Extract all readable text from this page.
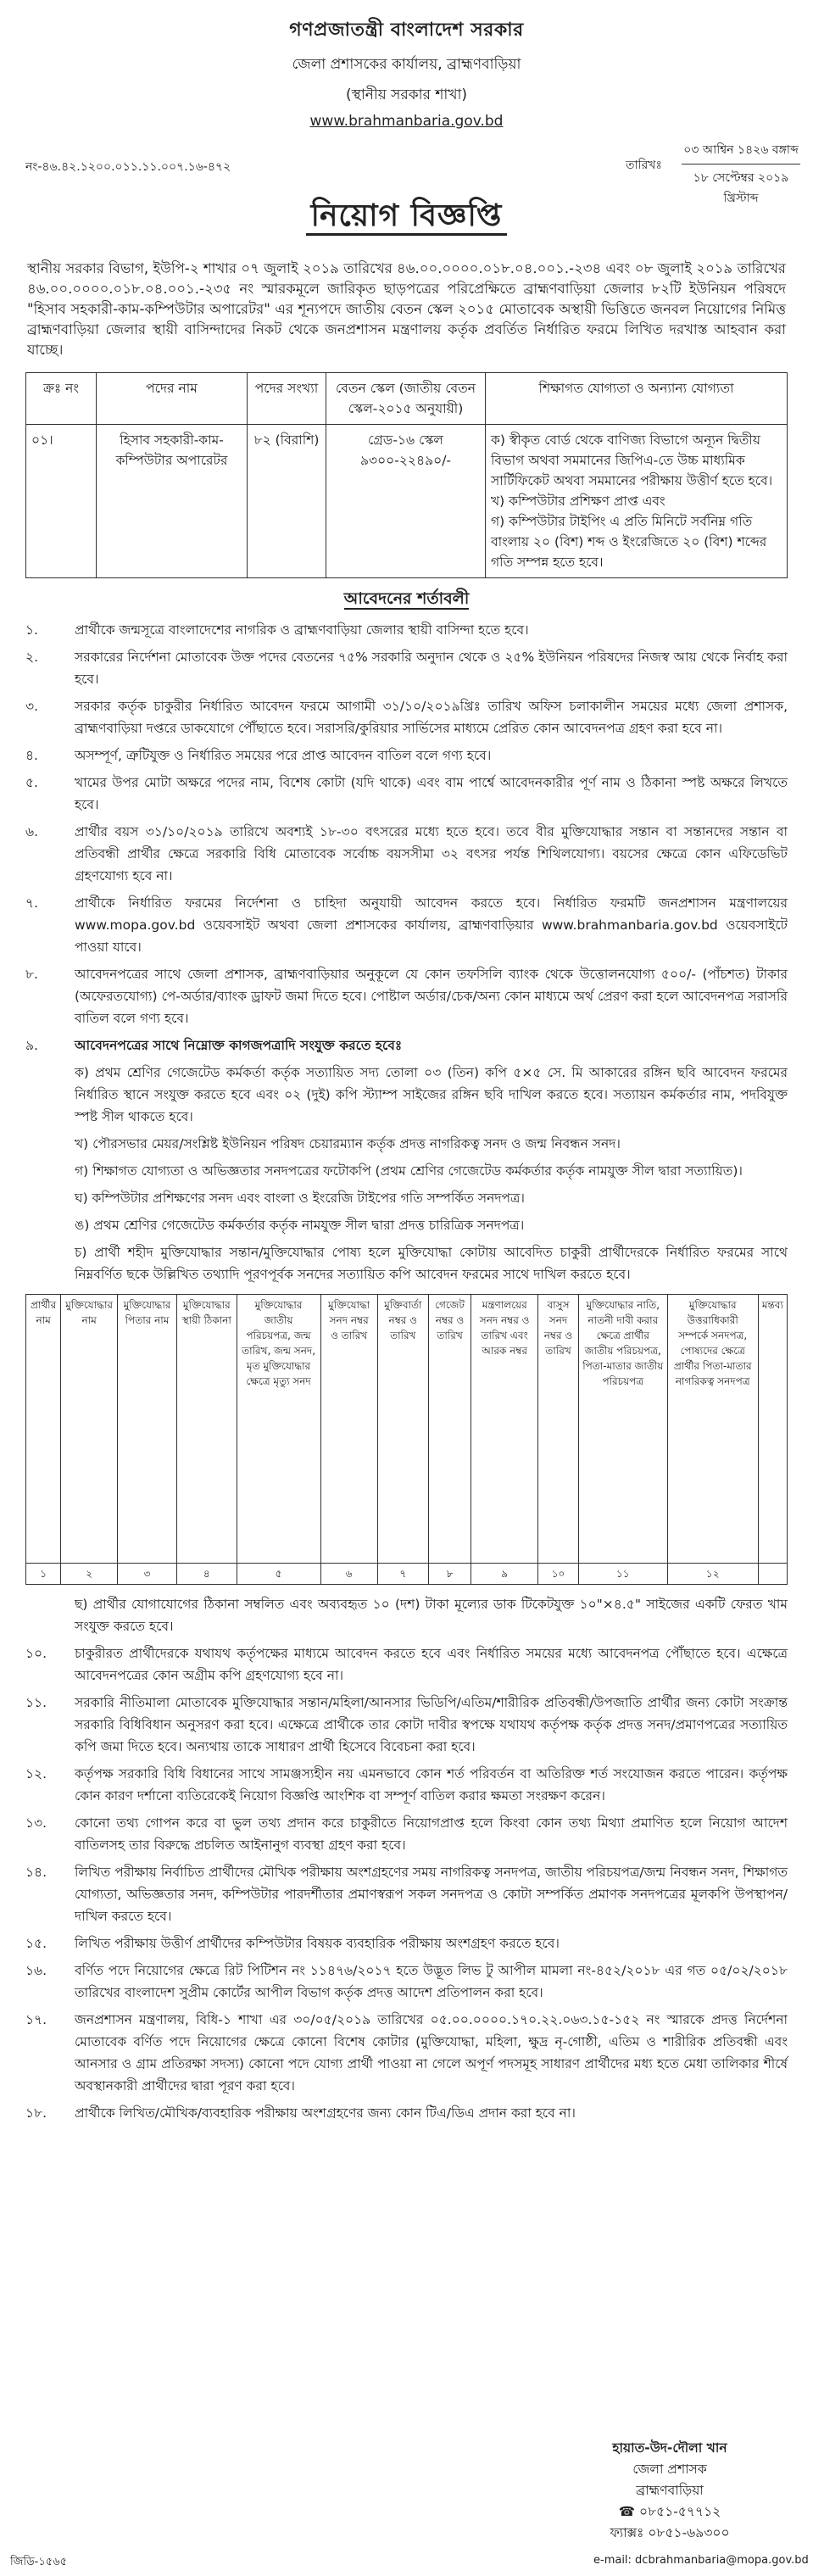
গণপ্রজাতন্ত্রী বাংলাদেশ সরকার
জেলা প্রশাসকের কার্যালয়, ব্রাহ্মণবাড়িয়া
(স্থানীয় সরকার শাখা)
www.brahmanbaria.gov.bd
নং-৪৬.৪২.১২০০.০১১.১১.০০৭.১৬-৪৭২	তারিখঃ
০৩ আশ্বিন ১৪২৬ বঙ্গাব্দ
১৮ সেপ্টেম্বর ২০১৯ খ্রিস্টাব্দ
নিয়োগ বিজ্ঞপ্তি
স্থানীয় সরকার বিভাগ, ইউপি-২ শাখার ০৭ জুলাই ২০১৯ তারিখের ৪৬.০০.০০০০.০১৮.০৪.০০১.-২৩৪ এবং ০৮ জুলাই ২০১৯ তারিখের ৪৬.০০.০০০০.০১৮.০৪.০০১.-২৩৫ নং স্মারকমূলে জারিকৃত ছাড়পত্রের পরিপ্রেক্ষিতে ব্রাহ্মণবাড়িয়া জেলার ৮২টি ইউনিয়ন পরিষদে "হিসাব সহকারী-কাম-কম্পিউটার অপারেটর" এর শূন্যপদে জাতীয় বেতন স্কেল ২০১৫ মোতাবেক অস্থায়ী ভিত্তিতে জনবল নিয়োগের নিমিত্ত ব্রাহ্মণবাড়িয়া জেলার স্থায়ী বাসিন্দাদের নিকট থেকে জনপ্রশাসন মন্ত্রণালয় কর্তৃক প্রবর্তিত নির্ধারিত ফরমে লিখিত দরখাস্ত আহবান করা যাচ্ছে।
ক্রঃ নং	পদের নাম	পদের সংখ্যা	বেতন স্কেল (জাতীয় বেতন স্কেল-২০১৫ অনুযায়ী)	শিক্ষাগত যোগ্যতা ও অন্যান্য যোগ্যতা
০১।	হিসাব সহকারী-কাম-কম্পিউটার অপারেটর	৮২ (বিরাশি)	গ্রেড-১৬ স্কেল ৯৩০০-২২৪৯০/-	ক) স্বীকৃত বোর্ড থেকে বাণিজ্য বিভাগে অন্যূন দ্বিতীয় বিভাগ অথবা সমমানের জিপিএ-তে উচ্চ মাধ্যমিক সার্টিফিকেট অথবা সমমানের পরীক্ষায় উত্তীর্ণ হতে হবে।
খ) কম্পিউটার প্রশিক্ষণ প্রাপ্ত এবং
গ) কম্পিউটার টাইপিং এ প্রতি মিনিটে সর্বনিম্ন গতি বাংলায় ২০ (বিশ) শব্দ ও ইংরেজিতে ২০ (বিশ) শব্দের গতি সম্পন্ন হতে হবে।
আবেদনের শর্তাবলী
১.	প্রার্থীকে জন্মসূত্রে বাংলাদেশের নাগরিক ও ব্রাহ্মণবাড়িয়া জেলার স্থায়ী বাসিন্দা হতে হবে।
২.	সরকারের নির্দেশনা মোতাবেক উক্ত পদের বেতনের ৭৫% সরকারি অনুদান থেকে ও ২৫% ইউনিয়ন পরিষদের নিজস্ব আয় থেকে নির্বাহ করা হবে।
৩.	সরকার কর্তৃক চাকুরীর নির্ধারিত আবেদন ফরমে আগামী ৩১/১০/২০১৯খ্রিঃ তারিখ অফিস চলাকালীন সময়ের মধ্যে জেলা প্রশাসক, ব্রাহ্মণবাড়িয়া দপ্তরে ডাকযোগে পৌঁছাতে হবে। সরাসরি/কুরিয়ার সার্ভিসের মাধ্যমে প্রেরিত কোন আবেদনপত্র গ্রহণ করা হবে না।
৪.	অসম্পূর্ণ, ত্রুটিযুক্ত ও নির্ধারিত সময়ের পরে প্রাপ্ত আবেদন বাতিল বলে গণ্য হবে।
৫.	খামের উপর মোটা অক্ষরে পদের নাম, বিশেষ কোটা (যদি থাকে) এবং বাম পার্শ্বে আবেদনকারীর পূর্ণ নাম ও ঠিকানা স্পষ্ট অক্ষরে লিখতে হবে।
৬.	প্রার্থীর বয়স ৩১/১০/২০১৯ তারিখে অবশ্যই ১৮-৩০ বৎসরের মধ্যে হতে হবে। তবে বীর মুক্তিযোদ্ধার সন্তান বা সন্তানদের সন্তান বা প্রতিবন্ধী প্রার্থীর ক্ষেত্রে সরকারি বিধি মোতাবেক সর্বোচ্চ বয়সসীমা ৩২ বৎসর পর্যন্ত শিথিলযোগ্য। বয়সের ক্ষেত্রে কোন এফিডেভিট গ্রহণযোগ্য হবে না।
৭.	প্রার্থীকে নির্ধারিত ফরমের নির্দেশনা ও চাহিদা অনুযায়ী আবেদন করতে হবে। নির্ধারিত ফরমটি জনপ্রশাসন মন্ত্রণালয়ের www.mopa.gov.bd ওয়েবসাইট অথবা জেলা প্রশাসকের কার্যালয়, ব্রাহ্মণবাড়িয়ার www.brahmanbaria.gov.bd ওয়েবসাইটে পাওয়া যাবে।
৮.	আবেদনপত্রের সাথে জেলা প্রশাসক, ব্রাহ্মণবাড়িয়ার অনুকূলে যে কোন তফসিলি ব্যাংক থেকে উত্তোলনযোগ্য ৫০০/- (পাঁচশত) টাকার (অফেরতযোগ্য) পে-অর্ডার/ব্যাংক ড্রাফট জমা দিতে হবে। পোষ্টাল অর্ডার/চেক/অন্য কোন মাধ্যমে অর্থ প্রেরণ করা হলে আবেদনপত্র সরাসরি বাতিল বলে গণ্য হবে।
৯.	আবেদনপত্রের সাথে নিম্নোক্ত কাগজপত্রাদি সংযুক্ত করতে হবেঃ
ক) প্রথম শ্রেণির গেজেটেড কর্মকর্তা কর্তৃক সত্যায়িত সদ্য তোলা ০৩ (তিন) কপি ৫×৫ সে. মি আকারের রঙ্গিন ছবি আবেদন ফরমের নির্ধারিত স্থানে সংযুক্ত করতে হবে এবং ০২ (দুই) কপি স্ট্যাম্প সাইজের রঙ্গিন ছবি দাখিল করতে হবে। সত্যায়ন কর্মকর্তার নাম, পদবিযুক্ত স্পষ্ট সীল থাকতে হবে।
খ) পৌরসভার মেয়র/সংশ্লিষ্ট ইউনিয়ন পরিষদ চেয়ারম্যান কর্তৃক প্রদত্ত নাগরিকত্ব সনদ ও জন্ম নিবন্ধন সনদ।
গ) শিক্ষাগত যোগ্যতা ও অভিজ্ঞতার সনদপত্রের ফটোকপি (প্রথম শ্রেণির গেজেটেড কর্মকর্তার কর্তৃক নামযুক্ত সীল দ্বারা সত্যায়িত)।
ঘ) কম্পিউটার প্রশিক্ষণের সনদ এবং বাংলা ও ইংরেজি টাইপের গতি সম্পর্কিত সনদপত্র।
ঙ) প্রথম শ্রেণির গেজেটেড কর্মকর্তার কর্তৃক নামযুক্ত সীল দ্বারা প্রদত্ত চারিত্রিক সনদপত্র।
চ) প্রার্থী শহীদ মুক্তিযোদ্ধার সন্তান/মুক্তিযোদ্ধার পোষ্য হলে মুক্তিযোদ্ধা কোটায় আবেদিত চাকুরী প্রার্থীদেরকে নির্ধারিত ফরমের সাথে নিম্নবর্ণিত ছকে উল্লিখিত তথ্যাদি পূরণপূর্বক সনদের সত্যায়িত কপি আবেদন ফরমের সাথে দাখিল করতে হবে।
প্রার্থীর নাম	মুক্তিযোদ্ধার নাম	মুক্তিযোদ্ধার পিতার নাম	মুক্তিযোদ্ধার স্থায়ী ঠিকানা	মুক্তিযোদ্ধার জাতীয় পরিচয়পত্র, জন্ম তারিখ, জন্ম সনদ, মৃত মুক্তিযোদ্ধার ক্ষেত্রে মৃত্যু সনদ	মুক্তিযোদ্ধা সনদ নম্বর ও তারিখ	মুক্তিবার্তা নম্বর ও তারিখ	গেজেট নম্বর ও তারিখ	মন্ত্রণালয়ের সনদ নম্বর ও তারিখ এবং আরক নম্বর	বাসুস সনদ নম্বর ও তারিখ	মুক্তিযোদ্ধার নাতি, নাতনী দাবী করার ক্ষেত্রে প্রার্থীর জাতীয় পরিচয়পত্র, পিতা-মাতার জাতীয় পরিচয়পত্র	মুক্তিযোদ্ধার উত্তরাধিকারী সম্পর্কে সনদপত্র, পোষ্যদের ক্ষেত্রে প্রার্থীর পিতা-মাতার নাগরিকত্ব সনদপত্র	মন্তব্য
১	২	৩	৪	৫	৬	৭	৮	৯	১০	১১	১২	
ছ) প্রার্থীর যোগাযোগের ঠিকানা সম্বলিত এবং অব্যবহৃত ১০ (দশ) টাকা মূল্যের ডাক টিকেটযুক্ত ১০"×৪.৫" সাইজের একটি ফেরত খাম সংযুক্ত করতে হবে।
১০.	চাকুরীরত প্রার্থীদেরকে যথাযথ কর্তৃপক্ষের মাধ্যমে আবেদন করতে হবে এবং নির্ধারিত সময়ের মধ্যে আবেদনপত্র পৌঁছাতে হবে। এক্ষেত্রে আবেদনপত্রের কোন অগ্রীম কপি গ্রহণযোগ্য হবে না।
১১.	সরকারি নীতিমালা মোতাবেক মুক্তিযোদ্ধার সন্তান/মহিলা/আনসার ভিডিপি/এতিম/শারীরিক প্রতিবন্ধী/উপজাতি প্রার্থীর জন্য কোটা সংক্রান্ত সরকারি বিধিবিধান অনুসরণ করা হবে। এক্ষেত্রে প্রার্থীকে তার কোটা দাবীর স্বপক্ষে যথাযথ কর্তৃপক্ষ কর্তৃক প্রদত্ত সনদ/প্রমাণপত্রের সত্যায়িত কপি জমা দিতে হবে। অন্যথায় তাকে সাধারণ প্রার্থী হিসেবে বিবেচনা করা হবে।
১২.	কর্তৃপক্ষ সরকারি বিধি বিধানের সাথে সামঞ্জস্যহীন নয় এমনভাবে কোন শর্ত পরিবর্তন বা অতিরিক্ত শর্ত সংযোজন করতে পারেন। কর্তৃপক্ষ কোন কারণ দর্শানো ব্যতিরেকেই নিয়োগ বিজ্ঞপ্তি আংশিক বা সম্পূর্ণ বাতিল করার ক্ষমতা সংরক্ষণ করেন।
১৩.	কোনো তথ্য গোপন করে বা ভুল তথ্য প্রদান করে চাকুরীতে নিয়োগপ্রাপ্ত হলে কিংবা কোন তথ্য মিথ্যা প্রমাণিত হলে নিয়োগ আদেশ বাতিলসহ তার বিরুদ্ধে প্রচলিত আইনানুগ ব্যবস্থা গ্রহণ করা হবে।
১৪.	লিখিত পরীক্ষায় নির্বাচিত প্রার্থীদের মৌখিক পরীক্ষায় অংশগ্রহণের সময় নাগরিকত্ব সনদপত্র, জাতীয় পরিচয়পত্র/জন্ম নিবন্ধন সনদ, শিক্ষাগত যোগ্যতা, অভিজ্ঞতার সনদ, কম্পিউটার পারদর্শীতার প্রমাণস্বরূপ সকল সনদপত্র ও কোটা সম্পর্কিত প্রমাণক সনদপত্রের মূলকপি উপস্থাপন/দাখিল করতে হবে।
১৫.	লিখিত পরীক্ষায় উত্তীর্ণ প্রার্থীদের কম্পিউটার বিষয়ক ব্যবহারিক পরীক্ষায় অংশগ্রহণ করতে হবে।
১৬.	বর্ণিত পদে নিয়োগের ক্ষেত্রে রিট পিটিশন নং ১১৪৭৬/২০১৭ হতে উদ্ভূত লিভ টু আপীল মামলা নং-৪৫২/২০১৮ এর গত ০৫/০২/২০১৮ তারিখের বাংলাদেশ সুপ্রীম কোর্টের আপীল বিভাগ কর্তৃক প্রদত্ত আদেশ প্রতিপালন করা হবে।
১৭.	জনপ্রশাসন মন্ত্রণালয়, বিধি-১ শাখা এর ৩০/০৫/২০১৯ তারিখের ০৫.০০.০০০০.১৭০.২২.০৬৩.১৫-১৫২ নং স্মারকে প্রদত্ত নির্দেশনা মোতাবেক বর্ণিত পদে নিয়োগের ক্ষেত্রে কোনো বিশেষ কোটার (মুক্তিযোদ্ধা, মহিলা, ক্ষুদ্র নৃ-গোষ্ঠী, এতিম ও শারীরিক প্রতিবন্ধী এবং আনসার ও গ্রাম প্রতিরক্ষা সদস্য) কোনো পদে যোগ্য প্রার্থী পাওয়া না গেলে অপূর্ণ পদসমূহ সাধারণ প্রার্থীদের মধ্য হতে মেধা তালিকার শীর্ষে অবস্থানকারী প্রার্থীদের দ্বারা পূরণ করা হবে।
১৮.	প্রার্থীকে লিখিত/মৌখিক/ব্যবহারিক পরীক্ষায় অংশগ্রহণের জন্য কোন টিএ/ডিএ প্রদান করা হবে না।
হায়াত-উদ-দৌলা খান
জেলা প্রশাসক
ব্রাহ্মণবাড়িয়া
☎ ০৮৫১-৫৭৭১২
ফ্যাক্সঃ ০৮৫১-৬৯৩০০
জিডি-১৫৬৫	e-mail: dcbrahmanbaria@mopa.gov.bd
